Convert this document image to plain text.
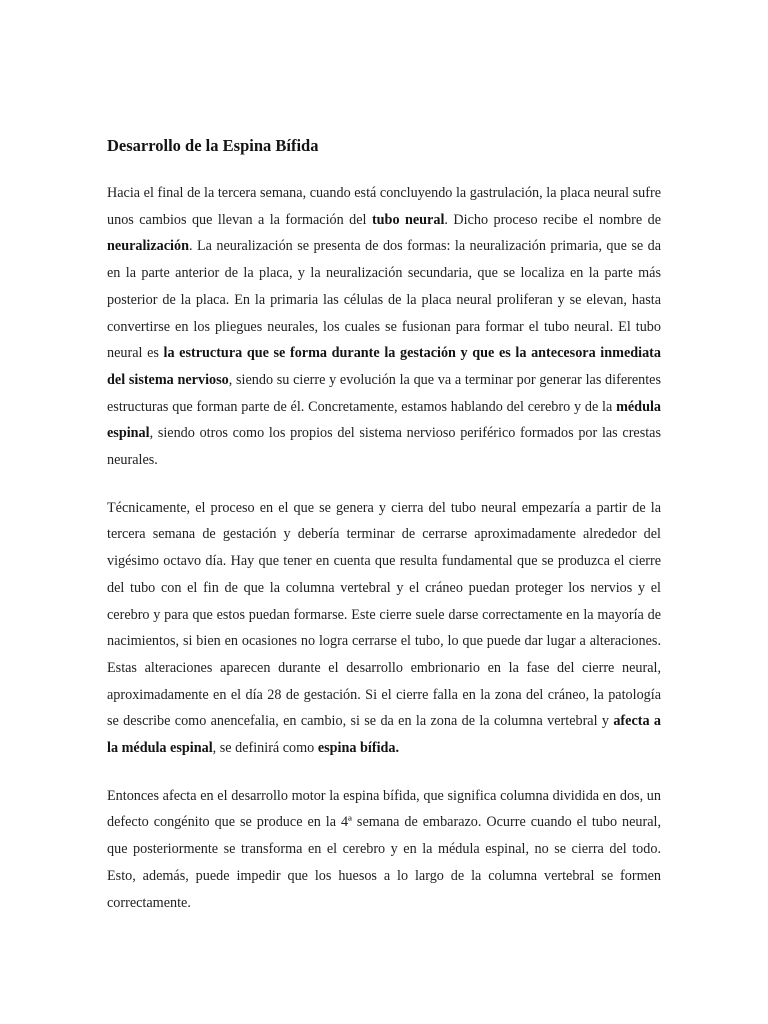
Desarrollo de la Espina Bífida

Hacia el final de la tercera semana, cuando está concluyendo la gastrulación, la placa neural sufre unos cambios que llevan a la formación del tubo neural. Dicho proceso recibe el nombre de neuralización. La neuralización se presenta de dos formas: la neuralización primaria, que se da en la parte anterior de la placa, y la neuralización secundaria, que se localiza en la parte más posterior de la placa. En la primaria las células de la placa neural proliferan y se elevan, hasta convertirse en los pliegues neurales, los cuales se fusionan para formar el tubo neural. El tubo neural es la estructura que se forma durante la gestación y que es la antecesora inmediata del sistema nervioso, siendo su cierre y evolución la que va a terminar por generar las diferentes estructuras que forman parte de él. Concretamente, estamos hablando del cerebro y de la médula espinal, siendo otros como los propios del sistema nervioso periférico formados por las crestas neurales.

Técnicamente, el proceso en el que se genera y cierra del tubo neural empezaría a partir de la tercera semana de gestación y debería terminar de cerrarse aproximadamente alrededor del vigésimo octavo día. Hay que tener en cuenta que resulta fundamental que se produzca el cierre del tubo con el fin de que la columna vertebral y el cráneo puedan proteger los nervios y el cerebro y para que estos puedan formarse. Este cierre suele darse correctamente en la mayoría de nacimientos, si bien en ocasiones no logra cerrarse el tubo, lo que puede dar lugar a alteraciones. Estas alteraciones aparecen durante el desarrollo embrionario en la fase del cierre neural, aproximadamente en el día 28 de gestación. Si el cierre falla en la zona del cráneo, la patología se describe como anencefalia, en cambio, si se da en la zona de la columna vertebral y afecta a la médula espinal, se definirá como espina bífida.

Entonces afecta en el desarrollo motor la espina bífida, que significa columna dividida en dos, un defecto congénito que se produce en la 4ª semana de embarazo. Ocurre cuando el tubo neural, que posteriormente se transforma en el cerebro y en la médula espinal, no se cierra del todo. Esto, además, puede impedir que los huesos a lo largo de la columna vertebral se formen correctamente.
